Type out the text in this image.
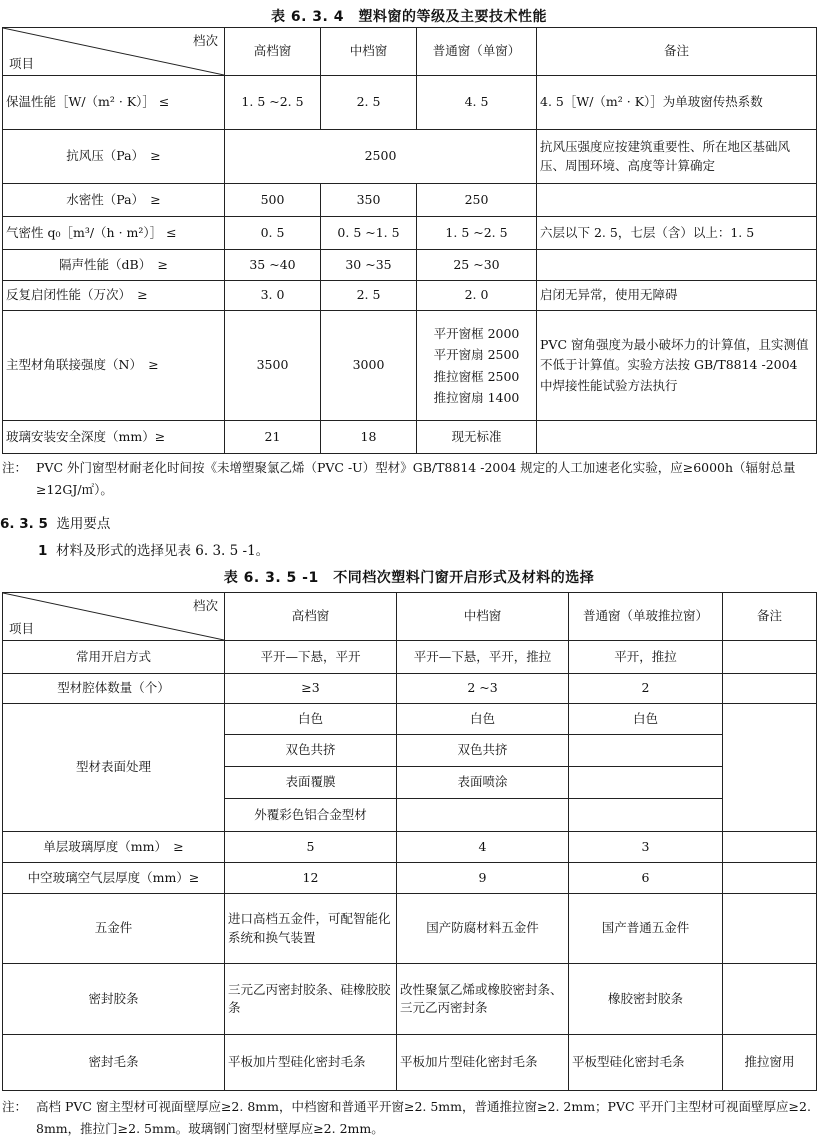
表 6. 3. 4　塑料窗的等级及主要技术性能
档次
项目	高档窗	中档窗	普通窗（单窗）	备注
保温性能［W/（m² · K）］ ≤	1. 5 ~2. 5	2. 5	4. 5	4. 5［W/（m² · K）］为单玻窗传热系数
抗风压（Pa）　≥	2500			抗风压强度应按建筑重要性、所在地区基础风压、周围环境、高度等计算确定
水密性（Pa）　≥	500	350	250	
气密性 q₀［m³/（h · m²）］ ≤	0. 5	0. 5 ~1. 5	1. 5 ~2. 5	六层以下 2. 5，七层（含）以上：1. 5
隔声性能（dB）　≥	35 ~40	30 ~35	25 ~30	
反复启闭性能（万次）　≥	3. 0	2. 5	2. 0	启闭无异常，使用无障碍
主型材角联接强度（N）　≥	3500	3000	平开窗框 2000
平开窗扇 2500
推拉窗框 2500
推拉窗扇 1400	PVC 窗角强度为最小破坏力的计算值，且实测值不低于计算值。实验方法按 GB/T8814 -2004 中焊接性能试验方法执行
玻璃安装安全深度（mm）≥	21	18	现无标准	
注： PVC 外门窗型材耐老化时间按《未增塑聚氯乙烯（PVC -U）型材》GB/T8814 -2004 规定的人工加速老化实验，应≥6000h（辐射总量≥12GJ/㎡）。
6. 3. 5 选用要点
1 材料及形式的选择见表 6. 3. 5 -1。
表 6. 3. 5 -1　不同档次塑料门窗开启形式及材料的选择
档次
项目	高档窗	中档窗	普通窗（单玻推拉窗）	备注
常用开启方式	平开—下悬，平开	平开—下悬，平开，推拉	平开，推拉	
型材腔体数量（个）	≥3	2 ~3	2	
型材表面处理	白色	白色	白色	
	双色共挤	双色共挤		
	表面覆膜	表面喷涂		
	外覆彩色铝合金型材			
单层玻璃厚度（mm）　≥	5	4	3	
中空玻璃空气层厚度（mm）≥	12	9	6	
五金件	进口高档五金件，可配智能化系统和换气装置	国产防腐材料五金件	国产普通五金件	
密封胶条	三元乙丙密封胶条、硅橡胶胶条	改性聚氯乙烯或橡胶密封条、三元乙丙密封条	橡胶密封胶条	
密封毛条	平板加片型硅化密封毛条	平板加片型硅化密封毛条	平板型硅化密封毛条	推拉窗用
注： 高档 PVC 窗主型材可视面壁厚应≥2. 8mm，中档窗和普通平开窗≥2. 5mm，普通推拉窗≥2. 2mm；PVC 平开门主型材可视面壁厚应≥2. 8mm，推拉门≥2. 5mm。玻璃钢门窗型材壁厚应≥2. 2mm。
